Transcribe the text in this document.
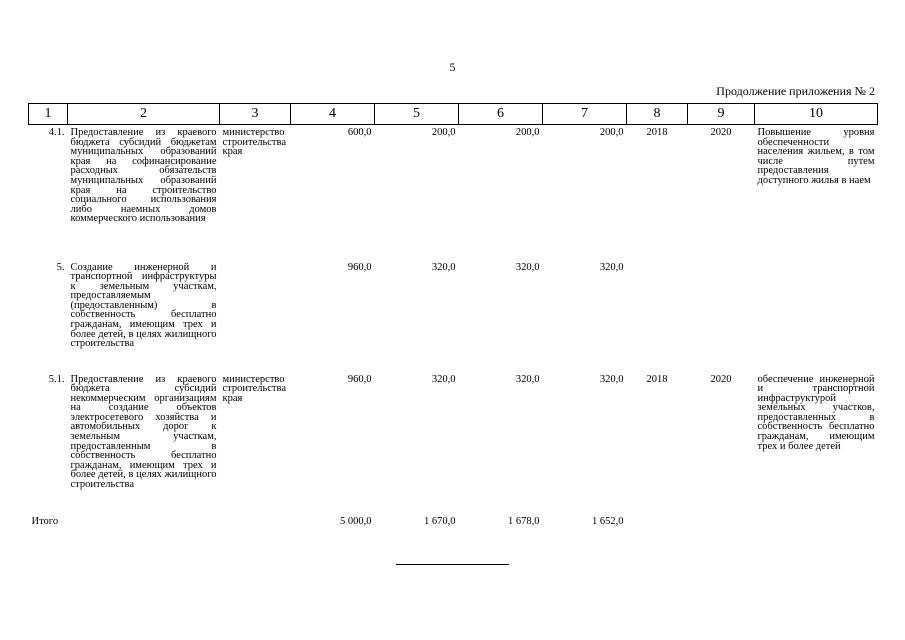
5
Продолжение приложения № 2
1	2	3	4	5	6	7	8	9	10
4.1.	Предоставление из краевого бюджета субсидий бюджетам муниципальных образований края на софинансирование расходных обязательств муниципальных образований края на строительство социального использования либо наемных домов коммерческого использования	министерство строительства края	600,0	200,0	200,0	200,0	2018	2020	Повышение уровня обеспеченности населения жильем, в том числе путем предоставления доступного жилья в наем
5.	Создание инженерной и транспортной инфраструктуры к земельным участкам, предоставляемым (предоставленным) в собственность бесплатно гражданам, имеющим трех и более детей, в целях жилищного строительства		960,0	320,0	320,0	320,0			
5.1.	Предоставление из краевого бюджета субсидий некоммерческим организациям на создание объектов электросетевого хозяйства и автомобильных дорог к земельным участкам, предоставленным в собственность бесплатно гражданам, имеющим трех и более детей, в целях жилищного строительства	министерство строительства края	960,0	320,0	320,0	320,0	2018	2020	обеспечение инженерной и транспортной инфраструктурой земельных участков, предоставленных в собственность бесплатно гражданам, имеющим трех и более детей
Итого			5 000,0	1 670,0	1 678,0	1 652,0			
